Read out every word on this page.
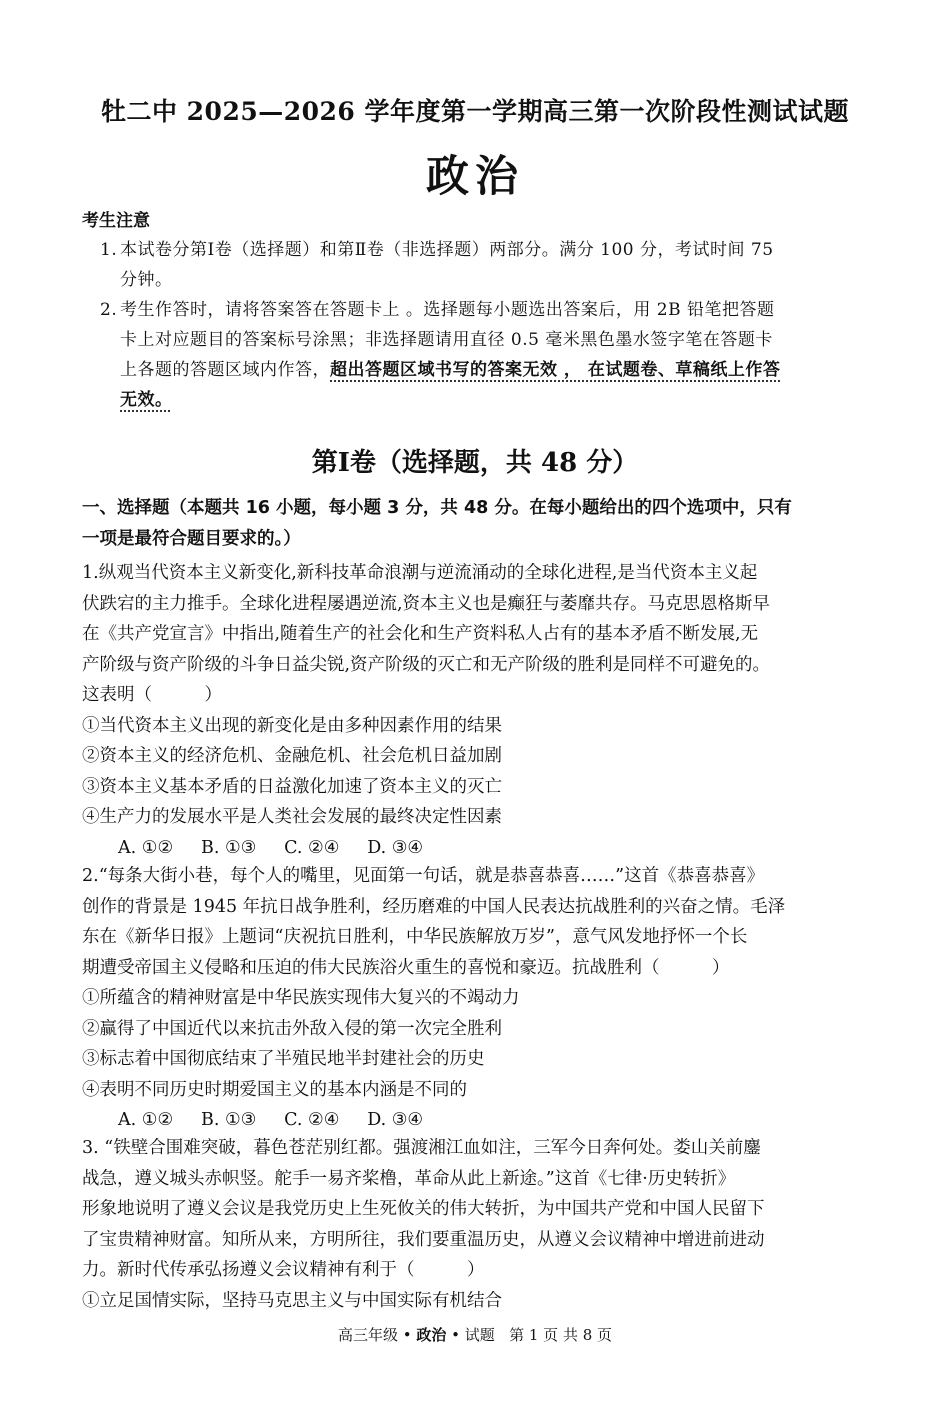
牡二中 2025—2026 学年度第一学期高三第一次阶段性测试试题
政治
考生注意
1. 本试卷分第Ⅰ卷（选择题）和第Ⅱ卷（非选择题）两部分。满分 100 分，考试时间 75
分钟。
2. 考生作答时，请将答案答在答题卡上 。选择题每小题选出答案后，用 2B 铅笔把答题
卡上对应题目的答案标号涂黑；非选择题请用直径 0.5 毫米黑色墨水签字笔在答题卡
上各题的答题区域内作答，超出答题区域书写的答案无效 ， 在试题卷、草稿纸上作答
无效。
第Ⅰ卷（选择题，共 48 分）
一、选择题（本题共 16 小题，每小题 3 分，共 48 分。在每小题给出的四个选项中，只有
一项是最符合题目要求的。）
1.纵观当代资本主义新变化,新科技革命浪潮与逆流涌动的全球化进程,是当代资本主义起
伏跌宕的主力推手。全球化进程屡遇逆流,资本主义也是癫狂与萎靡共存。马克思恩格斯早
在《共产党宣言》中指出,随着生产的社会化和生产资料私人占有的基本矛盾不断发展,无
产阶级与资产阶级的斗争日益尖锐,资产阶级的灭亡和无产阶级的胜利是同样不可避免的。
这表明（　　　）
①当代资本主义出现的新变化是由多种因素作用的结果
②资本主义的经济危机、金融危机、社会危机日益加剧
③资本主义基本矛盾的日益激化加速了资本主义的灭亡
④生产力的发展水平是人类社会发展的最终决定性因素
A. ①②     B. ①③     C. ②④     D. ③④
2.“每条大街小巷，每个人的嘴里，见面第一句话，就是恭喜恭喜……”这首《恭喜恭喜》
创作的背景是 1945 年抗日战争胜利，经历磨难的中国人民表达抗战胜利的兴奋之情。毛泽
东在《新华日报》上题词“庆祝抗日胜利，中华民族解放万岁”，意气风发地抒怀一个长
期遭受帝国主义侵略和压迫的伟大民族浴火重生的喜悦和豪迈。抗战胜利（　　　）
①所蕴含的精神财富是中华民族实现伟大复兴的不竭动力
②赢得了中国近代以来抗击外敌入侵的第一次完全胜利
③标志着中国彻底结束了半殖民地半封建社会的历史
④表明不同历史时期爱国主义的基本内涵是不同的
A. ①②     B. ①③     C. ②④     D. ③④
3. “铁壁合围难突破，暮色苍茫别红都。强渡湘江血如注，三军今日奔何处。娄山关前鏖
战急，遵义城头赤帜竖。舵手一易齐桨橹，革命从此上新途。”这首《七律·历史转折》
形象地说明了遵义会议是我党历史上生死攸关的伟大转折，为中国共产党和中国人民留下
了宝贵精神财富。知所从来，方明所往，我们要重温历史，从遵义会议精神中增进前进动
力。新时代传承弘扬遵义会议精神有利于（　　　）
①立足国情实际，坚持马克思主义与中国实际有机结合
高三年级 • 政治 • 试题 第 1 页 共 8 页
